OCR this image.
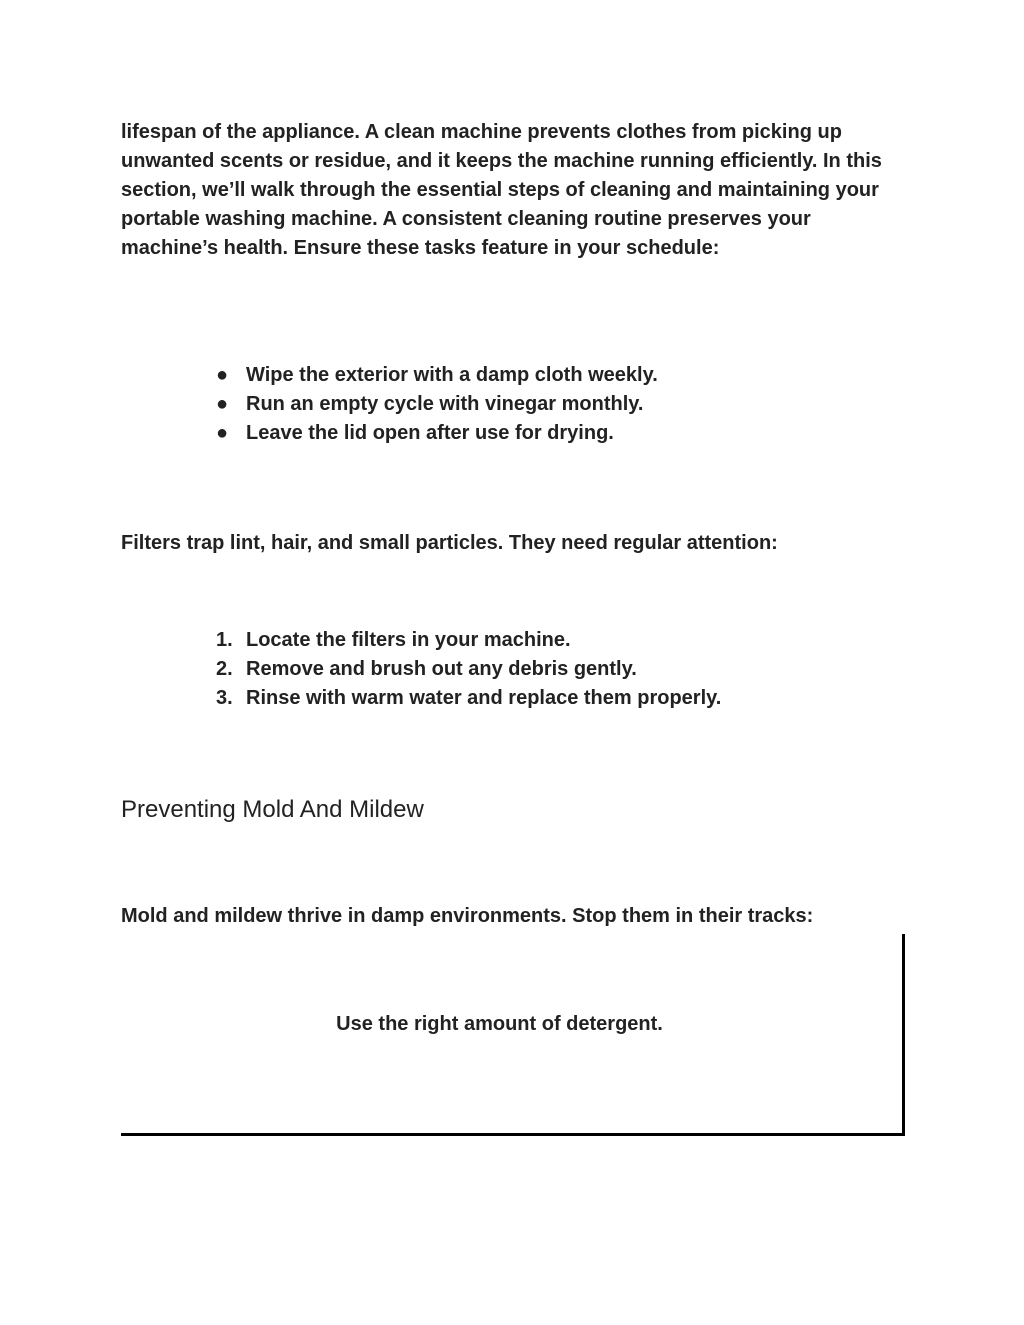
lifespan of the appliance. A clean machine prevents clothes from picking up unwanted scents or residue, and it keeps the machine running efficiently. In this section, we’ll walk through the essential steps of cleaning and maintaining your portable washing machine. A consistent cleaning routine preserves your machine’s health. Ensure these tasks feature in your schedule:

● Wipe the exterior with a damp cloth weekly.
● Run an empty cycle with vinegar monthly.
● Leave the lid open after use for drying.

Filters trap lint, hair, and small particles. They need regular attention:

1. Locate the filters in your machine.
2. Remove and brush out any debris gently.
3. Rinse with warm water and replace them properly.
Preventing Mold And Mildew

Mold and mildew thrive in damp environments. Stop them in their tracks:

Use the right amount of detergent.
